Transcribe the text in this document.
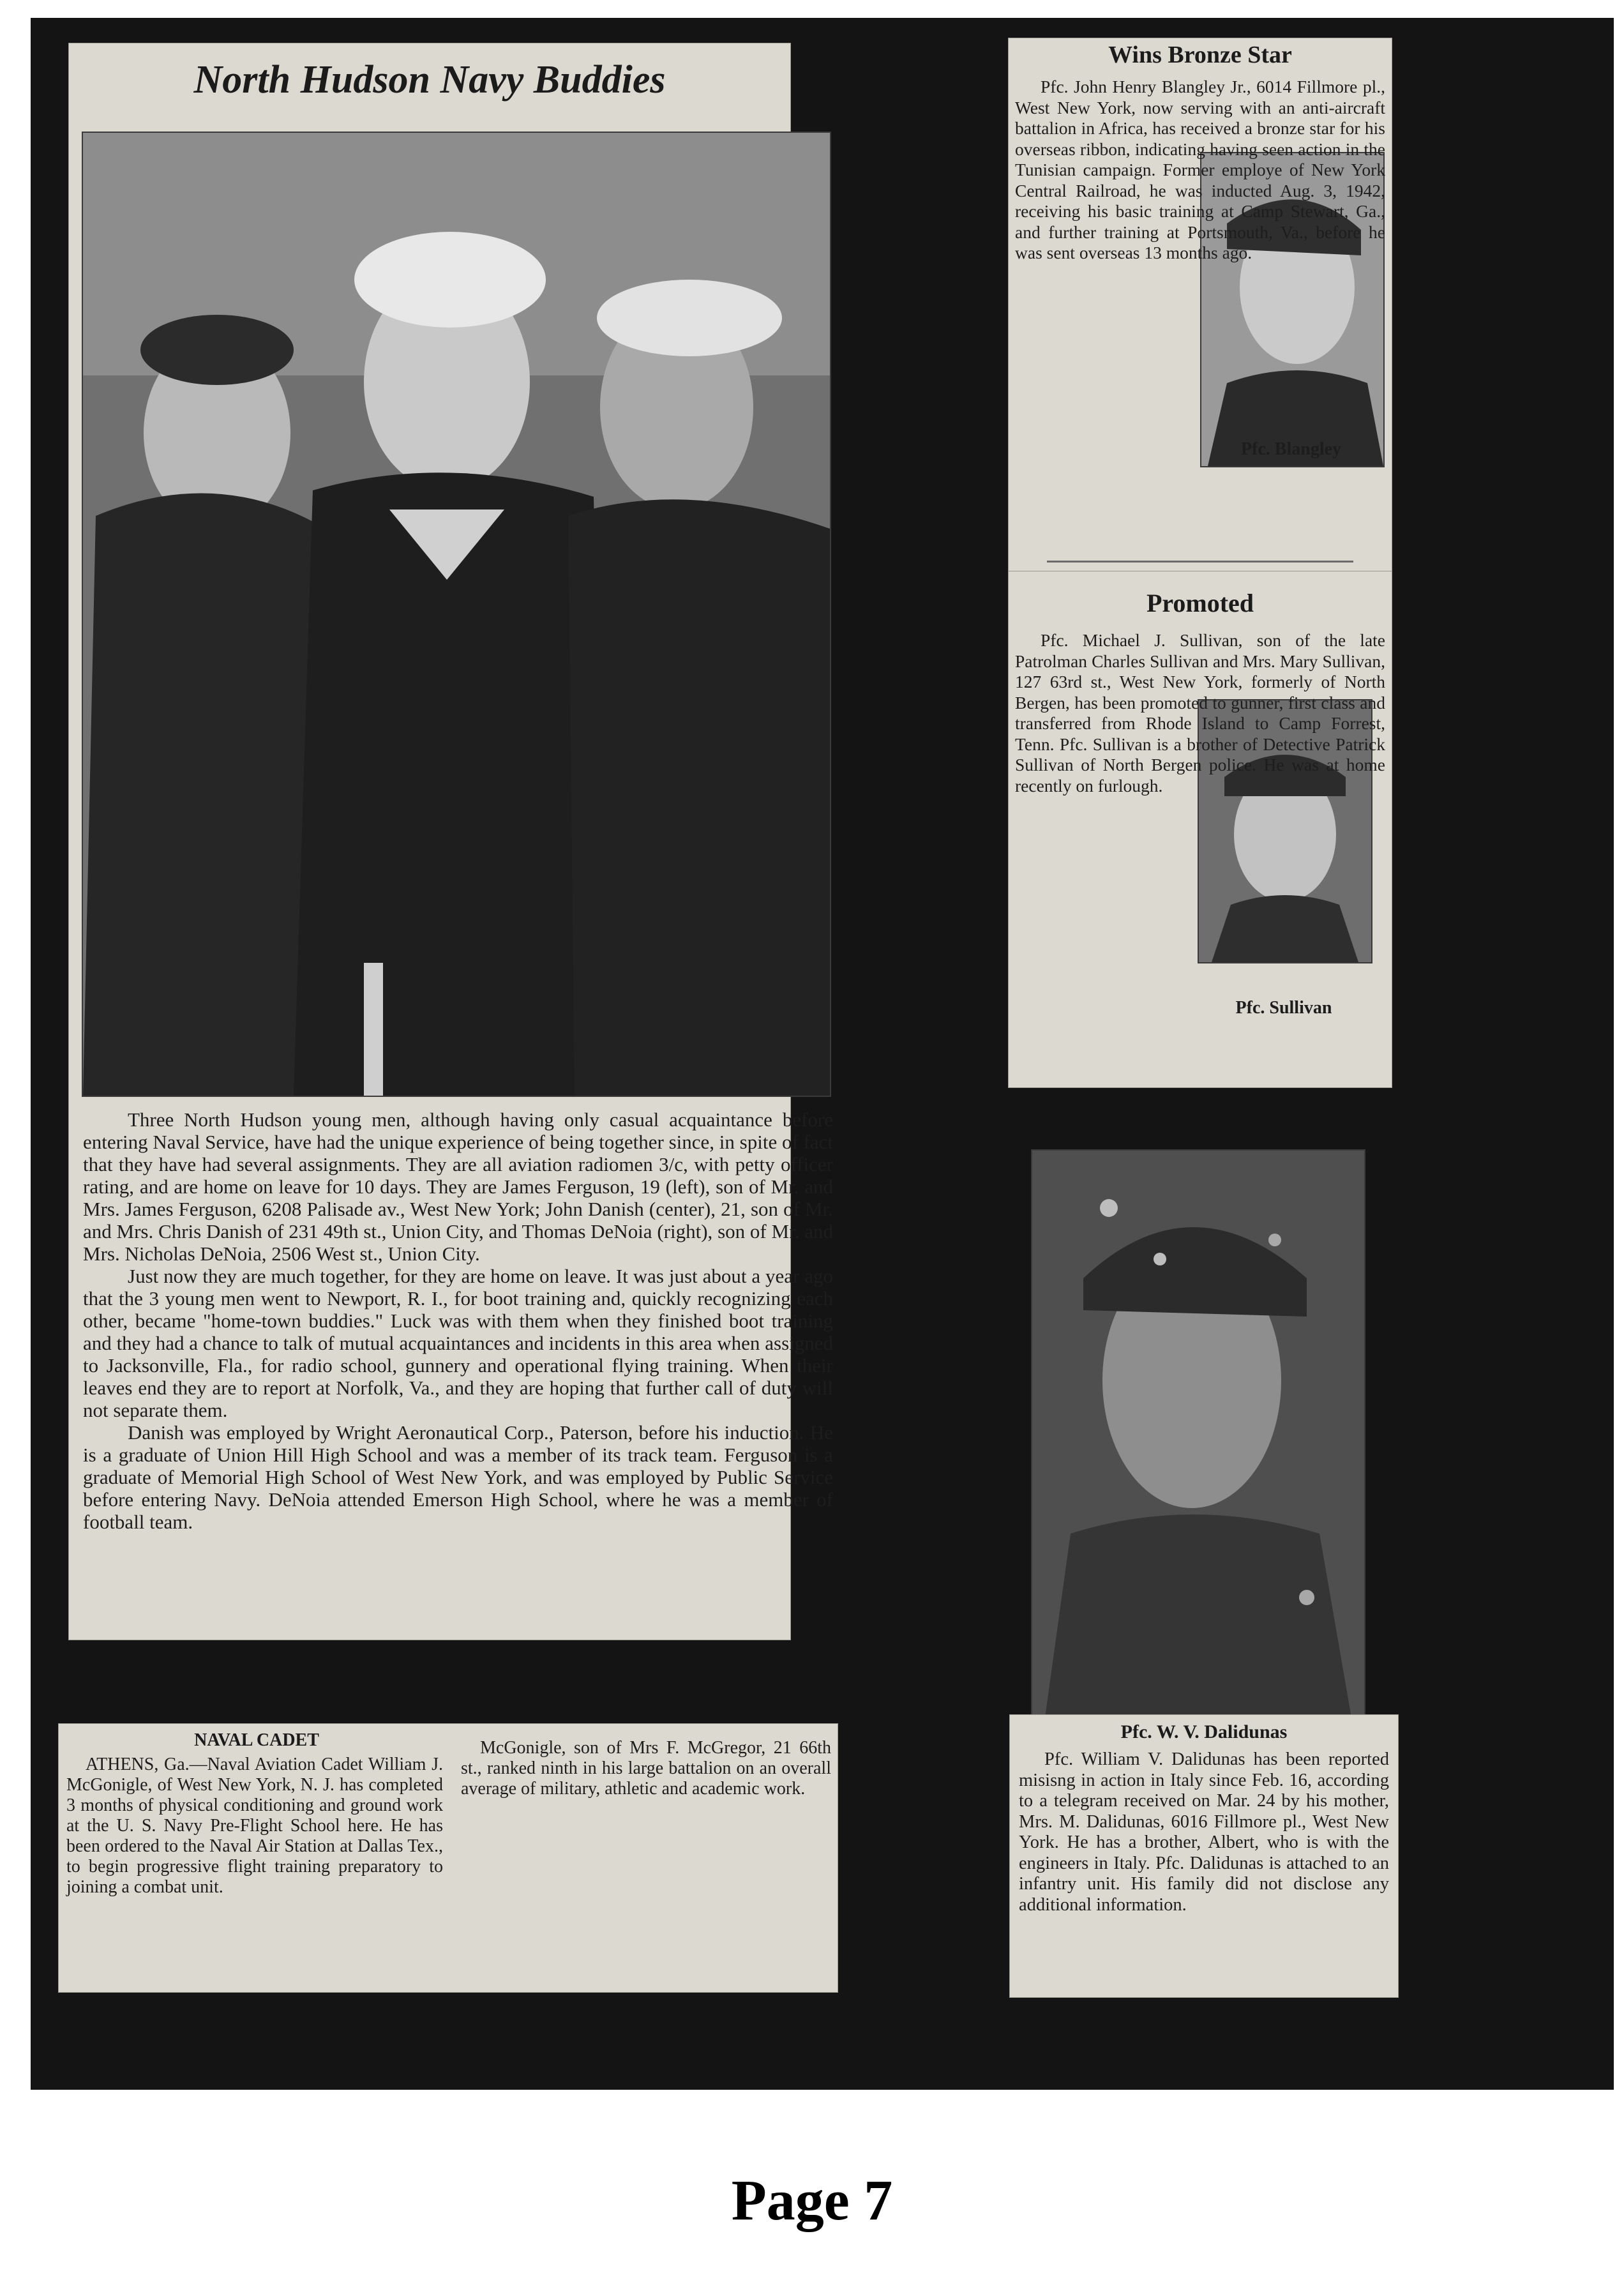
North Hudson Navy Buddies

Three North Hudson young men, although having only casual acquaintance before entering Naval Service, have had the unique experience of being together since, in spite of fact that they have had several assignments. They are all aviation radiomen 3/c, with petty officer rating, and are home on leave for 10 days. They are James Ferguson, 19 (left), son of Mr. and Mrs. James Ferguson, 6208 Palisade av., West New York; John Danish (center), 21, son of Mr. and Mrs. Chris Danish of 231 49th st., Union City, and Thomas DeNoia (right), son of Mr. and Mrs. Nicholas DeNoia, 2506 West st., Union City.

Just now they are much together, for they are home on leave. It was just about a year ago that the 3 young men went to Newport, R. I., for boot training and, quickly recognizing each other, became "home-town buddies." Luck was with them when they finished boot training and they had a chance to talk of mutual acquaintances and incidents in this area when assigned to Jacksonville, Fla., for radio school, gunnery and operational flying training. When their leaves end they are to report at Norfolk, Va., and they are hoping that further call of duty will not separate them.

Danish was employed by Wright Aeronautical Corp., Paterson, before his induction. He is a graduate of Union Hill High School and was a member of its track team. Ferguson is a graduate of Memorial High School of West New York, and was employed by Public Service before entering Navy. DeNoia attended Emerson High School, where he was a member of football team.

Wins Bronze Star
Pfc. Blangley

Pfc. John Henry Blangley Jr., 6014 Fillmore pl., West New York, now serving with an anti-aircraft battalion in Africa, has received a bronze star for his overseas ribbon, indicating having seen action in the Tunisian campaign. Former employe of New York Central Railroad, he was inducted Aug. 3, 1942, receiving his basic training at Camp Stewart, Ga., and further training at Portsmouth, Va., before he was sent overseas 13 months ago.

Promoted
Pfc. Sullivan

Pfc. Michael J. Sullivan, son of the late Patrolman Charles Sullivan and Mrs. Mary Sullivan, 127 63rd st., West New York, formerly of North Bergen, has been promoted to gunner, first class and transferred from Rhode Island to Camp Forrest, Tenn. Pfc. Sullivan is a brother of Detective Patrick Sullivan of North Bergen police. He was at home recently on furlough.

NAVAL CADET

ATHENS, Ga.—Naval Aviation Cadet William J. McGonigle, of West New York, N. J. has completed 3 months of physical conditioning and ground work at the U. S. Navy Pre-Flight School here. He has been ordered to the Naval Air Station at Dallas Tex., to begin progressive flight training preparatory to joining a combat unit.

McGonigle, son of Mrs F. McGregor, 21 66th st., ranked ninth in his large battalion on an overall average of military, athletic and academic work.

Pfc. W. V. Dalidunas

Pfc. William V. Dalidunas has been reported misisng in action in Italy since Feb. 16, according to a telegram received on Mar. 24 by his mother, Mrs. M. Dalidunas, 6016 Fillmore pl., West New York. He has a brother, Albert, who is with the engineers in Italy. Pfc. Dalidunas is attached to an infantry unit. His family did not disclose any additional information.

Page 7
